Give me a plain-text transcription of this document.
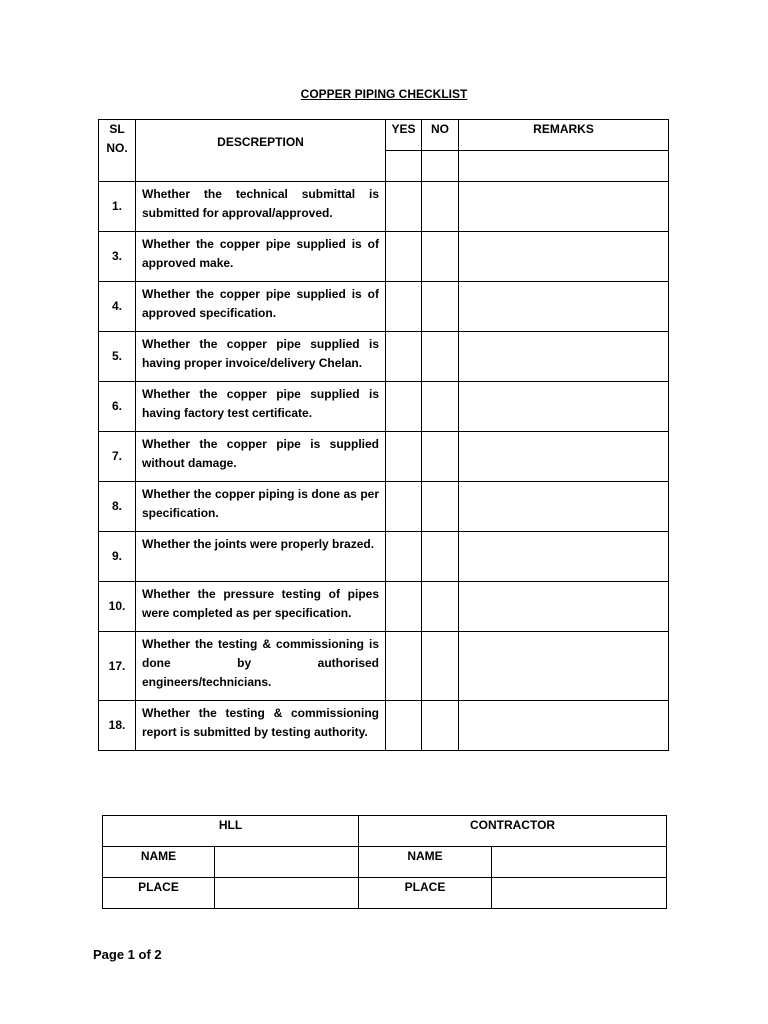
COPPER PIPING CHECKLIST
SL
NO.	DESCREPTION	YES	NO	REMARKS

1.	Whether the technical submittal is submitted for approval/approved.			
3.	Whether the copper pipe supplied is of approved make.			
4.	Whether the copper pipe supplied is of approved specification.			
5.	Whether the copper pipe supplied is having proper invoice/delivery Chelan.			
6.	Whether the copper pipe supplied is having factory test certificate.			
7.	Whether the copper pipe is supplied without damage.			
8.	Whether the copper piping is done as per specification.			
9.	Whether the joints were properly brazed.			
10.	Whether the pressure testing of pipes were completed as per specification.			
17.	Whether the testing & commissioning is done by authorised engineers/technicians.			
18.	Whether the testing & commissioning report is submitted by testing authority.			
HLL		CONTRACTOR	
NAME		NAME	
PLACE		PLACE	
Page 1 of 2
